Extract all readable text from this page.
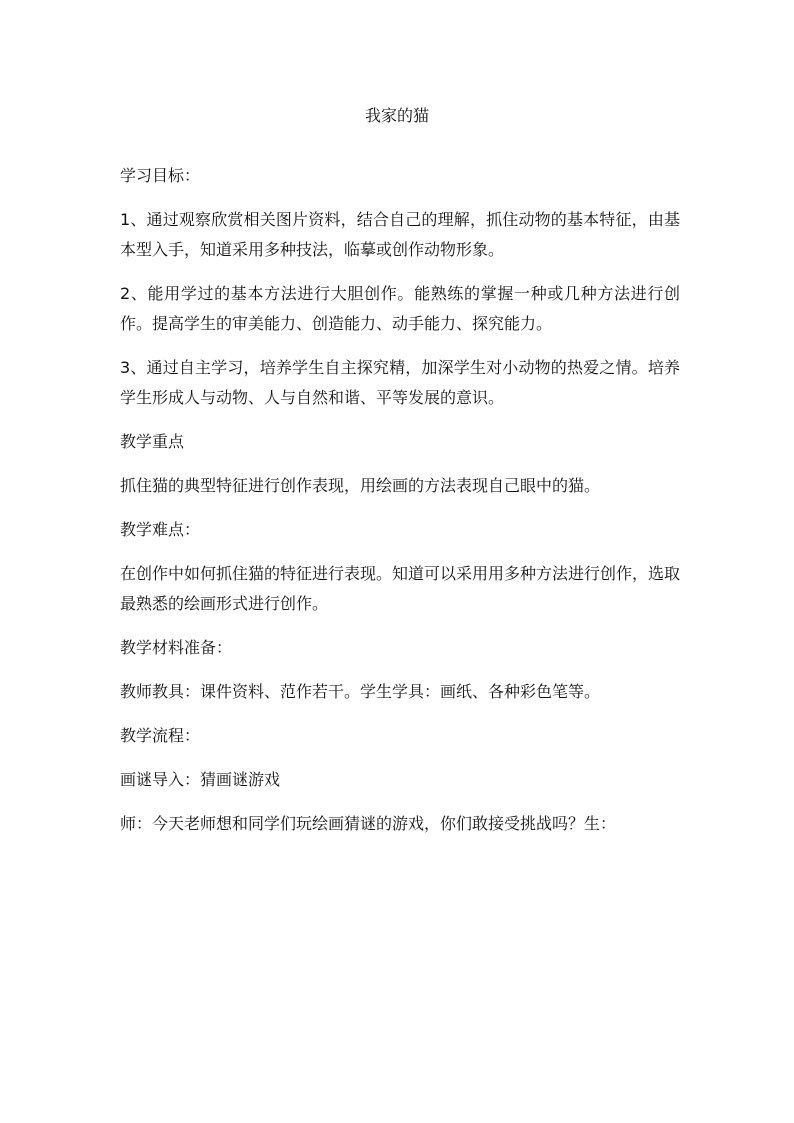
我家的猫

学习目标：

1、通过观察欣赏相关图片资料，结合自己的理解，抓住动物的基本特征，由基本型入手，知道采用多种技法，临摹或创作动物形象。

2、能用学过的基本方法进行大胆创作。能熟练的掌握一种或几种方法进行创作。提高学生的审美能力、创造能力、动手能力、探究能力。

3、通过自主学习，培养学生自主探究精，加深学生对小动物的热爱之情。培养学生形成人与动物、人与自然和谐、平等发展的意识。

教学重点

抓住猫的典型特征进行创作表现，用绘画的方法表现自己眼中的猫。

教学难点：

在创作中如何抓住猫的特征进行表现。知道可以采用用多种方法进行创作，选取最熟悉的绘画形式进行创作。

教学材料准备：

教师教具：课件资料、范作若干。学生学具：画纸、各种彩色笔等。

教学流程：

画谜导入：猜画谜游戏

师：今天老师想和同学们玩绘画猜谜的游戏，你们敢接受挑战吗？生：
